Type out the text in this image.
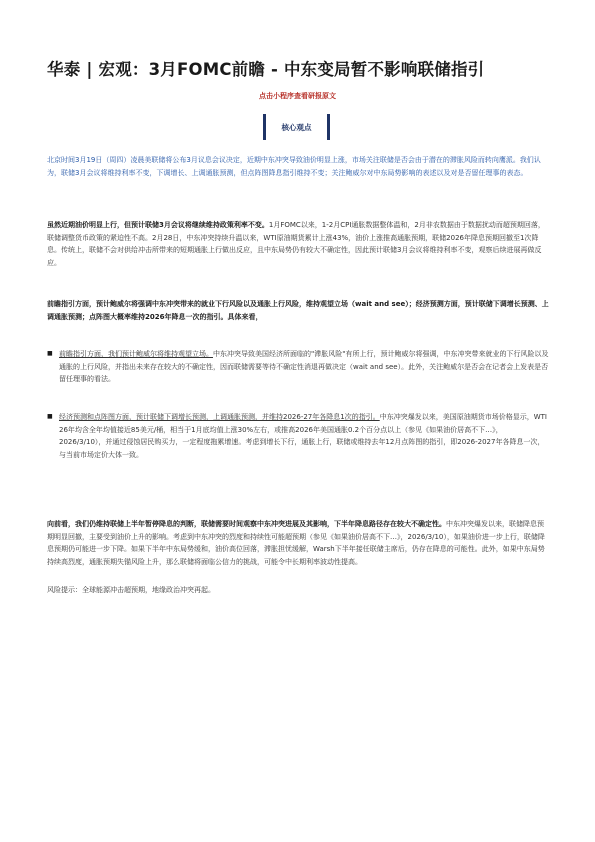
华泰 | 宏观：3月FOMC前瞻 - 中东变局暂不影响联储指引
点击小程序查看研报原文
核心观点
北京时间3月19日（周四）凌晨美联储将公布3月议息会议决定，近期中东冲突导致油价明显上涨，市场关注联储是否会由于潜在的滞胀风险而转向鹰派。我们认为，联储3月会议将维持利率不变，下调增长、上调通胀预测，但点阵图降息指引维持不变；关注鲍威尔对中东局势影响的表述以及对是否留任理事的表态。
虽然近期油价明显上行，但预计联储3月会议将继续维持政策利率不变。1月FOMC以来，1-2月CPI通胀数据整体温和，2月非农数据由于数据扰动而超预期回落，联储调整货币政策的紧迫性不高。2月28日，中东冲突持续升温以来，WTI原油期货累计上涨43%，油价上涨推高通胀预期，联储2026年降息预期回撤至1次降息。传统上，联储不会对供给冲击所带来的短期通胀上行做出反应，且中东局势仍有较大不确定性，因此预计联储3月会议将维持利率不变，观察后续进展再做反应。
前瞻指引方面，预计鲍威尔将强调中东冲突带来的就业下行风险以及通胀上行风险，维持观望立场（wait and see）；经济预测方面，预计联储下调增长预测、上调通胀预测；点阵图大概率维持2026年降息一次的指引。具体来看，
■ 前瞻指引方面，我们预计鲍威尔将维持观望立场。中东冲突导致美国经济所面临的"滞胀风险"有所上行，预计鲍威尔将强调，中东冲突带来就业的下行风险以及通胀的上行风险，并指出未来存在较大的不确定性，因而联储需要等待不确定性消退再做决定（wait and see）。此外，关注鲍威尔是否会在记者会上发表是否留任理事的看法。
■ 经济预测和点阵图方面，预计联储下调增长预测，上调通胀预测，并维持2026-27年各降息1次的指引。中东冲突爆发以来，美国原油期货市场价格显示，WTI 26年均含全年均值接近85美元/桶，相当于1月底均值上涨30%左右，或推高2026年美国通胀0.2个百分点以上（参见《如果油价居高不下…》，2026/3/10），并通过侵蚀居民购买力，一定程度拖累增速。考虑到增长下行，通胀上行，联储或维持去年12月点阵图的指引，即2026-2027年各降息一次，与当前市场定价大体一致。
向前看，我们仍维持联储上半年暂停降息的判断，联储需要时间观察中东冲突进展及其影响，下半年降息路径存在较大不确定性。中东冲突爆发以来，联储降息预期明显回撤，主要受到油价上升的影响。考虑到中东冲突的烈度和持续性可能超预期（参见《如果油价居高不下…》，2026/3/10），如果油价进一步上行，联储降息预期仍可能进一步下降。如果下半年中东局势缓和，油价高位回落，滞胀担忧缓解，Warsh下半年接任联储主席后，仍存在降息的可能性。此外，如果中东局势持续高烈度，通胀预期失锚风险上升，那么联储将面临公信力的挑战，可能令中长期利率波动性提高。
风险提示：全球能源冲击超预期，地缘政治冲突再起。
